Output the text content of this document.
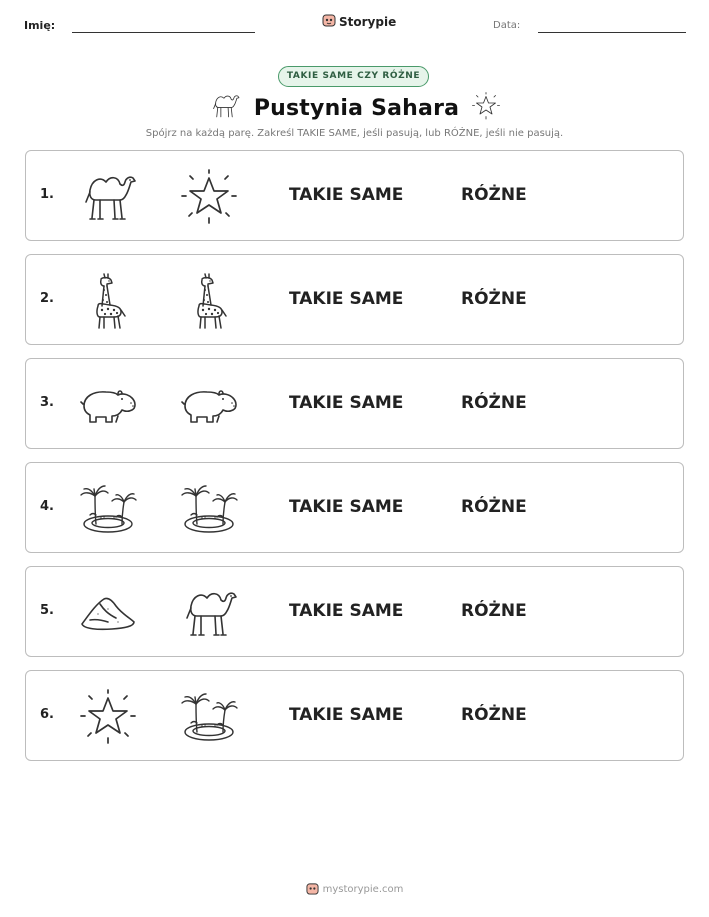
Imię:	Storypie	Data:
TAKIE SAME CZY RÓŻNE
Pustynia Sahara
Spójrz na każdą parę. Zakreśl TAKIE SAME, jeśli pasują, lub RÓŻNE, jeśli nie pasują.
1.	TAKIE SAME	RÓŻNE
2.	TAKIE SAME	RÓŻNE
3.	TAKIE SAME	RÓŻNE
4.	TAKIE SAME	RÓŻNE
5.	TAKIE SAME	RÓŻNE
6.	TAKIE SAME	RÓŻNE
mystorypie.com
